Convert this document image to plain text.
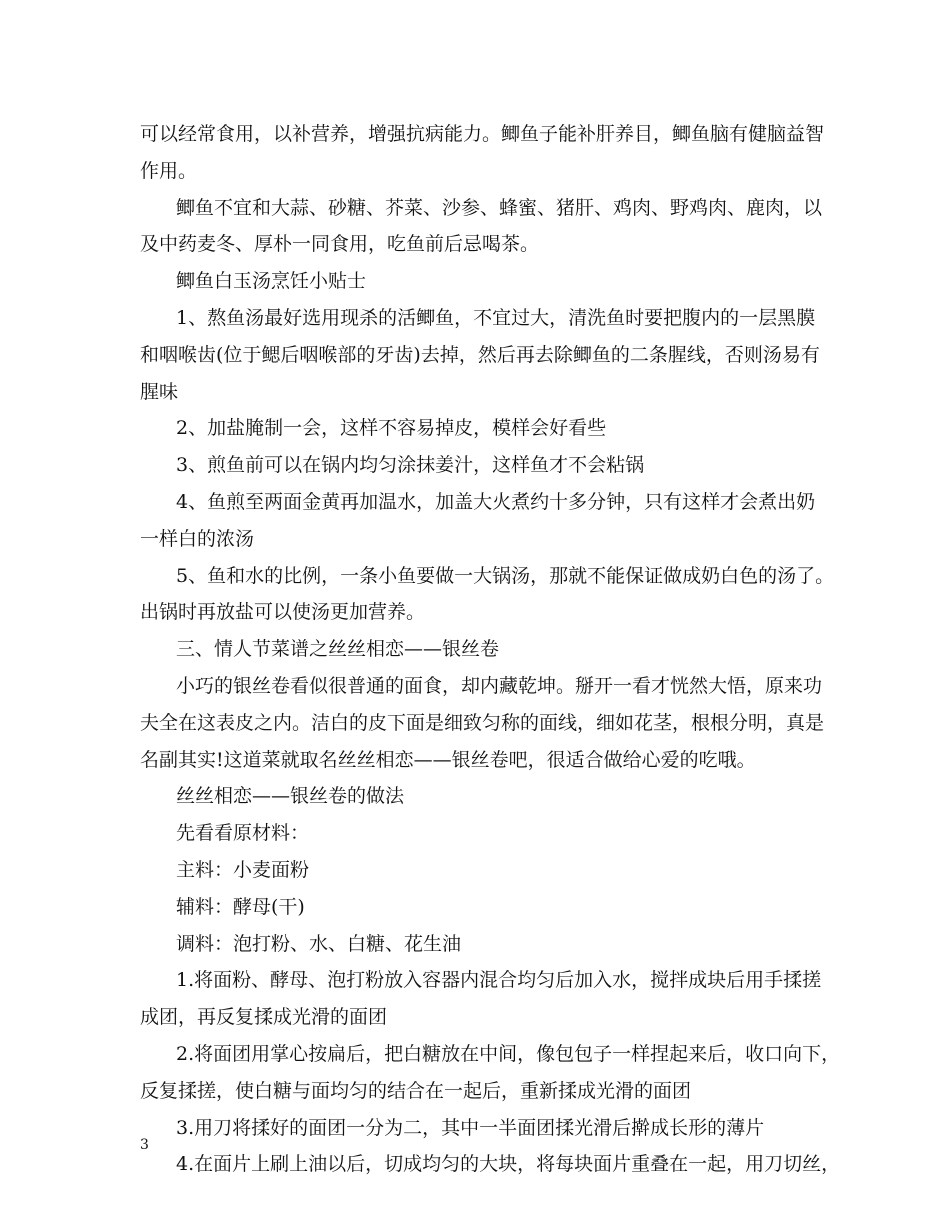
可以经常食用，以补营养，增强抗病能力。鲫鱼子能补肝养目，鲫鱼脑有健脑益智
作用。
鲫鱼不宜和大蒜、砂糖、芥菜、沙参、蜂蜜、猪肝、鸡肉、野鸡肉、鹿肉，以
及中药麦冬、厚朴一同食用，吃鱼前后忌喝茶。
鲫鱼白玉汤烹饪小贴士
1、熬鱼汤最好选用现杀的活鲫鱼，不宜过大，清洗鱼时要把腹内的一层黑膜
和咽喉齿(位于鳃后咽喉部的牙齿)去掉，然后再去除鲫鱼的二条腥线，否则汤易有
腥味
2、加盐腌制一会，这样不容易掉皮，模样会好看些
3、煎鱼前可以在锅内均匀涂抹姜汁，这样鱼才不会粘锅
4、鱼煎至两面金黄再加温水，加盖大火煮约十多分钟，只有这样才会煮出奶
一样白的浓汤
5、鱼和水的比例，一条小鱼要做一大锅汤，那就不能保证做成奶白色的汤了。
出锅时再放盐可以使汤更加营养。
三、情人节菜谱之丝丝相恋——银丝卷
小巧的银丝卷看似很普通的面食，却内藏乾坤。掰开一看才恍然大悟，原来功
夫全在这表皮之内。洁白的皮下面是细致匀称的面线，细如花茎，根根分明，真是
名副其实!这道菜就取名丝丝相恋——银丝卷吧，很适合做给心爱的吃哦。
丝丝相恋——银丝卷的做法
先看看原材料：
主料：小麦面粉
辅料：酵母(干)
调料：泡打粉、水、白糖、花生油
1.将面粉、酵母、泡打粉放入容器内混合均匀后加入水，搅拌成块后用手揉搓
成团，再反复揉成光滑的面团
2.将面团用掌心按扁后，把白糖放在中间，像包包子一样捏起来后，收口向下，
反复揉搓，使白糖与面均匀的结合在一起后，重新揉成光滑的面团
3.用刀将揉好的面团一分为二，其中一半面团揉光滑后擀成长形的薄片
4.在面片上刷上油以后，切成均匀的大块，将每块面片重叠在一起，用刀切丝，
3
